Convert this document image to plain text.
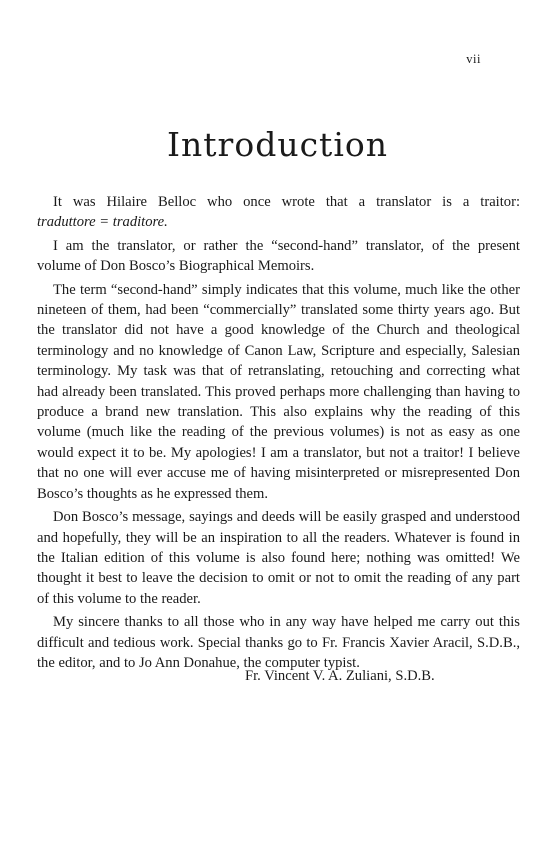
vii
Introduction

It was Hilaire Belloc who once wrote that a translator is a traitor:
traduttore = traditore.

I am the translator, or rather the “second-hand” translator, of the present volume of Don Bosco’s Biographical Memoirs.

The term “second-hand” simply indicates that this volume, much like the other nineteen of them, had been “commercially” translated some thirty years ago. But the translator did not have a good knowledge of the Church and theological terminology and no knowledge of Canon Law, Scripture and especially, Salesian terminology. My task was that of retranslating, retouching and correcting what had already been translated. This proved perhaps more challenging than having to produce a brand new translation. This also explains why the reading of this volume (much like the reading of the previous volumes) is not as easy as one would expect it to be. My apologies! I am a translator, but not a traitor! I believe that no one will ever accuse me of having misinterpreted or misrepresented Don Bosco’s thoughts as he expressed them.

Don Bosco’s message, sayings and deeds will be easily grasped and understood and hopefully, they will be an inspiration to all the readers. Whatever is found in the Italian edition of this volume is also found here; nothing was omitted! We thought it best to leave the decision to omit or not to omit the reading of any part of this volume to the reader.

My sincere thanks to all those who in any way have helped me carry out this difficult and tedious work. Special thanks go to Fr. Francis Xavier Aracil, S.D.B., the editor, and to Jo Ann Donahue, the computer typist.

Fr. Vincent V. A. Zuliani, S.D.B.
